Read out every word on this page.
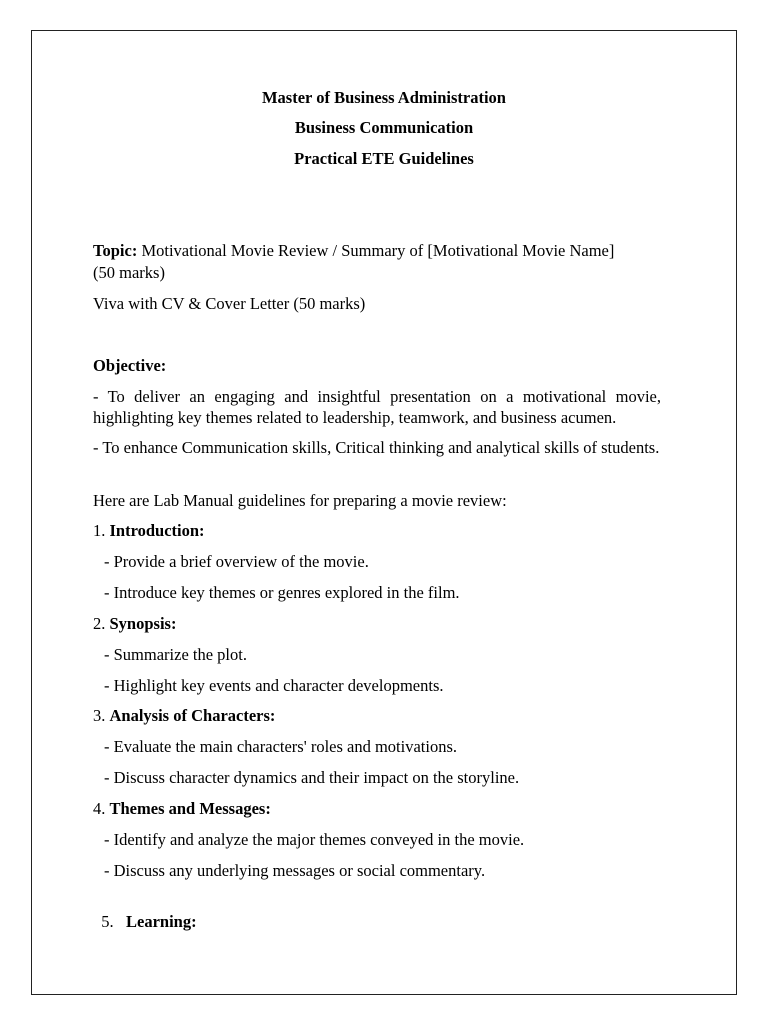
Master of Business Administration
Business Communication
Practical ETE Guidelines
Topic: Motivational Movie Review / Summary of [Motivational Movie Name]
(50 marks)
Viva with CV & Cover Letter (50 marks)
Objective:
- To deliver an engaging and insightful presentation on a motivational movie, highlighting key themes related to leadership, teamwork, and business acumen.
- To enhance Communication skills, Critical thinking and analytical skills of students.
Here are Lab Manual guidelines for preparing a movie review:
1. Introduction:
- Provide a brief overview of the movie.
- Introduce key themes or genres explored in the film.
2. Synopsis:
- Summarize the plot.
- Highlight key events and character developments.
3. Analysis of Characters:
- Evaluate the main characters' roles and motivations.
- Discuss character dynamics and their impact on the storyline.
4. Themes and Messages:
- Identify and analyze the major themes conveyed in the movie.
- Discuss any underlying messages or social commentary.

5.   Learning:
